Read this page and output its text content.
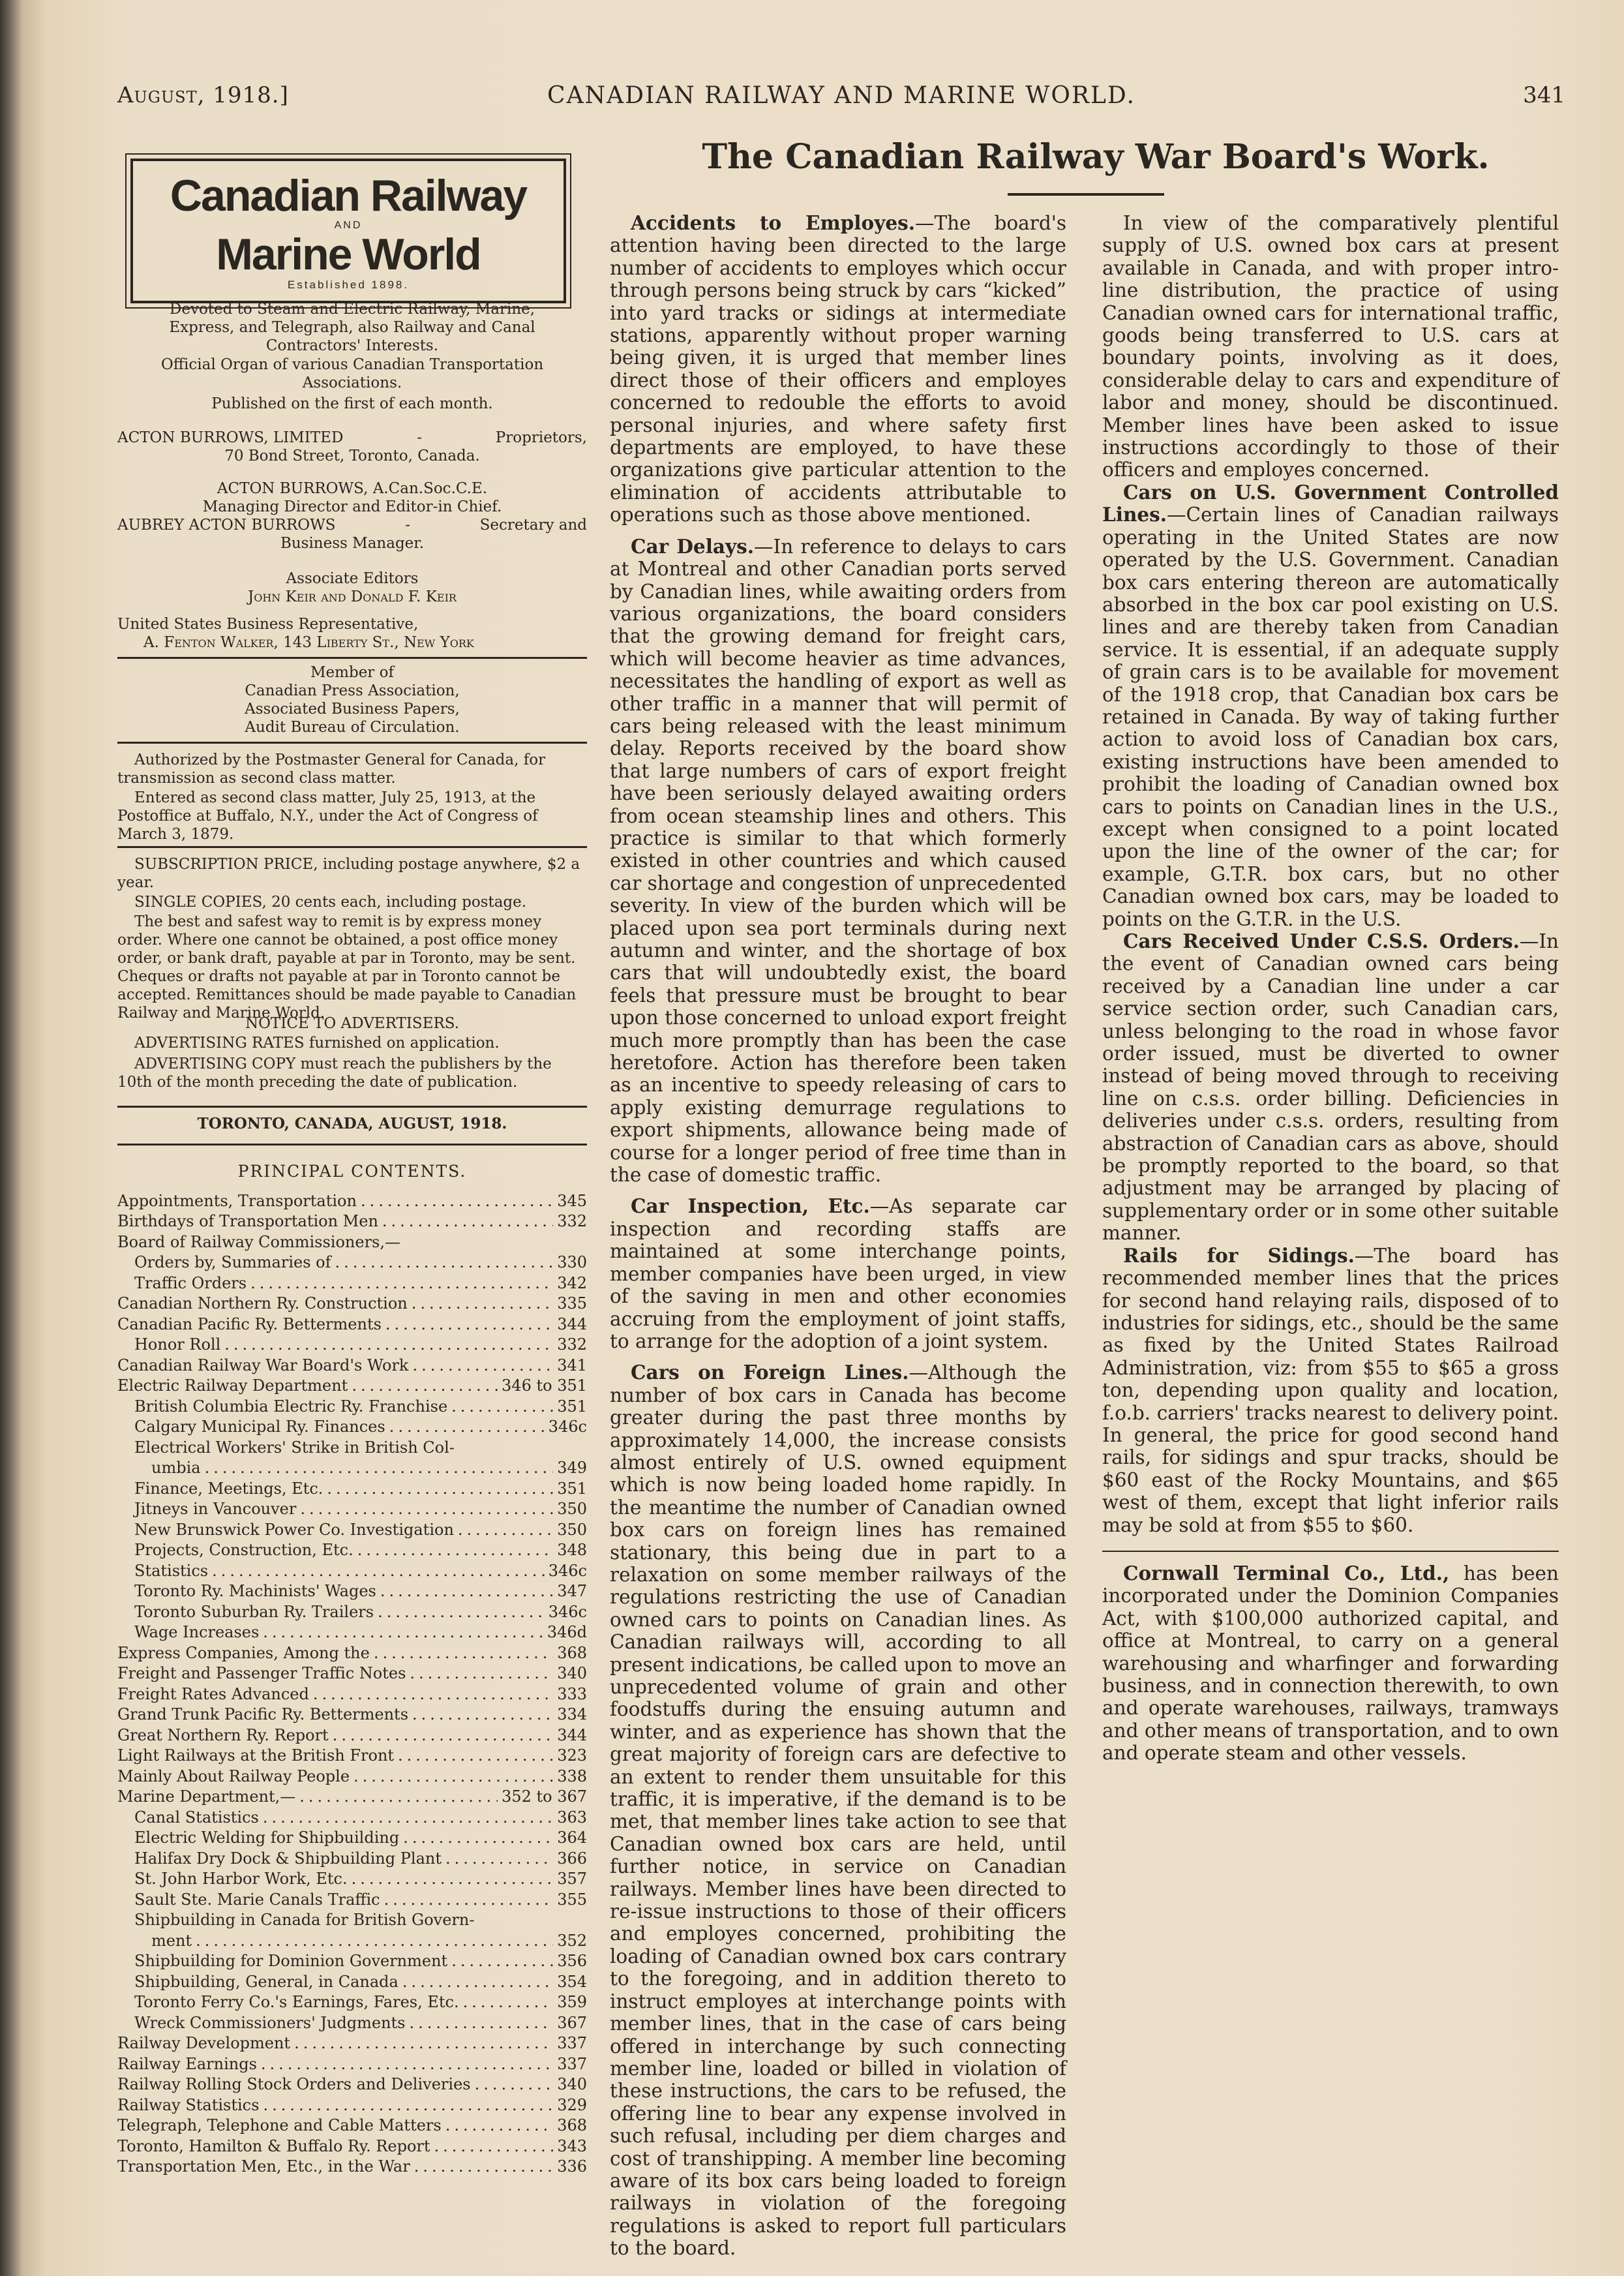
CANADIAN RAILWAY AND MARINE WORLD.
August, 1918.]	341
Canadian Railway
AND
Marine World
Established 1898.
Devoted to Steam and Electric Railway, Marine, Express, and Telegraph, also Railway and Canal Contractors' Interests.
Official Organ of various Canadian Transportation Associations.
Published on the first of each month.
ACTON BURROWS, LIMITED	-	Proprietors,
70 Bond Street, Toronto, Canada.
ACTON BURROWS, A.Can.Soc.C.E.
Managing Director and Editor-in Chief.
AUBREY ACTON BURROWS	-	Secretary and
Business Manager.
Associate Editors
John Keir and Donald F. Keir
United States Business Representative,
A. Fenton Walker, 143 Liberty St., New York
Member of
Canadian Press Association,
Associated Business Papers,
Audit Bureau of Circulation.
Authorized by the Postmaster General for Canada, for transmission as second class matter.
Entered as second class matter, July 25, 1913, at the Postoffice at Buffalo, N.Y., under the Act of Congress of March 3, 1879.
SUBSCRIPTION PRICE, including postage anywhere, $2 a year.
SINGLE COPIES, 20 cents each, including postage.
The best and safest way to remit is by express money order. Where one cannot be obtained, a post office money order, or bank draft, payable at par in Toronto, may be sent. Cheques or drafts not payable at par in Toronto cannot be accepted. Remittances should be made payable to Canadian Railway and Marine World.
NOTICE TO ADVERTISERS.
ADVERTISING RATES furnished on application.
ADVERTISING COPY must reach the publishers by the 10th of the month preceding the date of publication.
TORONTO, CANADA, AUGUST, 1918.
PRINCIPAL CONTENTS.
Appointments, Transportation .....	345
Birthdays of Transportation Men .....	332
Board of Railway Commissioners,—
Orders by, Summaries of .....	330
Traffic Orders .....	342
Canadian Northern Ry. Construction .....	335
Canadian Pacific Ry. Betterments .....	344
Honor Roll .....	332
Canadian Railway War Board's Work .....	341
Electric Railway Department .....	346 to 351
British Columbia Electric Ry. Franchise .....	351
Calgary Municipal Ry. Finances .....	346c
Electrical Workers' Strike in British Col-
umbia .....	349
Finance, Meetings, Etc. .....	351
Jitneys in Vancouver .....	350
New Brunswick Power Co. Investigation .....	350
Projects, Construction, Etc. .....	348
Statistics .....	346c
Toronto Ry. Machinists' Wages .....	347
Toronto Suburban Ry. Trailers .....	346c
Wage Increases .....	346d
Express Companies, Among the .....	368
Freight and Passenger Traffic Notes .....	340
Freight Rates Advanced .....	333
Grand Trunk Pacific Ry. Betterments .....	334
Great Northern Ry. Report .....	344
Light Railways at the British Front .....	323
Mainly About Railway People .....	338
Marine Department,— .....	352 to 367
Canal Statistics .....	363
Electric Welding for Shipbuilding .....	364
Halifax Dry Dock & Shipbuilding Plant .....	366
St. John Harbor Work, Etc. .....	357
Sault Ste. Marie Canals Traffic .....	355
Shipbuilding in Canada for British Govern-
ment .....	352
Shipbuilding for Dominion Government .....	356
Shipbuilding, General, in Canada .....	354
Toronto Ferry Co.'s Earnings, Fares, Etc. .....	359
Wreck Commissioners' Judgments .....	367
Railway Development .....	337
Railway Earnings .....	337
Railway Rolling Stock Orders and Deliveries .....	340
Railway Statistics .....	329
Telegraph, Telephone and Cable Matters .....	368
Toronto, Hamilton & Buffalo Ry. Report .....	343
Transportation Men, Etc., in the War .....	336
The Canadian Railway War Board's Work.

Accidents to Employes.—The board's attention having been directed to the large number of accidents to employes which occur through persons being struck by cars “kicked” into yard tracks or sidings at intermediate stations, apparently without proper warning being given, it is urged that member lines direct those of their officers and employes concerned to redouble the efforts to avoid personal injuries, and where safety first departments are employed, to have these organizations give particular attention to the elimination of accidents attributable to operations such as those above mentioned.

Car Delays.—In reference to delays to cars at Montreal and other Canadian ports served by Canadian lines, while awaiting orders from various organizations, the board considers that the growing demand for freight cars, which will become heavier as time advances, necessitates the handling of export as well as other traffic in a manner that will permit of cars being released with the least minimum delay. Reports received by the board show that large numbers of cars of export freight have been seriously delayed awaiting orders from ocean steamship lines and others. This practice is similar to that which formerly existed in other countries and which caused car shortage and congestion of unprecedented severity. In view of the burden which will be placed upon sea port terminals during next autumn and winter, and the shortage of box cars that will undoubtedly exist, the board feels that pressure must be brought to bear upon those concerned to unload export freight much more promptly than has been the case heretofore. Action has therefore been taken as an incentive to speedy releasing of cars to apply existing demurrage regulations to export shipments, allowance being made of course for a longer period of free time than in the case of domestic traffic.

Car Inspection, Etc.—As separate car inspection and recording staffs are maintained at some interchange points, member companies have been urged, in view of the saving in men and other economies accruing from the employment of joint staffs, to arrange for the adoption of a joint system.

Cars on Foreign Lines.—Although the number of box cars in Canada has become greater during the past three months by approximately 14,000, the increase consists almost entirely of U.S. owned equipment which is now being loaded home rapidly. In the meantime the number of Canadian owned box cars on foreign lines has remained stationary, this being due in part to a relaxation on some member railways of the regulations restricting the use of Canadian owned cars to points on Canadian lines. As Canadian railways will, according to all present indications, be called upon to move an unprecedented volume of grain and other foodstuffs during the ensuing autumn and winter, and as experience has shown that the great majority of foreign cars are defective to an extent to render them unsuitable for this traffic, it is imperative, if the demand is to be met, that member lines take action to see that Canadian owned box cars are held, until further notice, in service on Canadian railways. Member lines have been directed to re-issue instructions to those of their officers and employes concerned, prohibiting the loading of Canadian owned box cars contrary to the foregoing, and in addition thereto to instruct employes at interchange points with member lines, that in the case of cars being offered in interchange by such connecting member line, loaded or billed in violation of these instructions, the cars to be refused, the offering line to bear any expense involved in such refusal, including per diem charges and cost of transhipping. A member line becoming aware of its box cars being loaded to foreign railways in violation of the foregoing regulations is asked to report full particulars to the board.

In view of the comparatively plentiful supply of U.S. owned box cars at present available in Canada, and with proper intro-line distribution, the practice of using Canadian owned cars for international traffic, goods being transferred to U.S. cars at boundary points, involving as it does, considerable delay to cars and expenditure of labor and money, should be discontinued. Member lines have been asked to issue instructions accordingly to those of their officers and employes concerned.

Cars on U.S. Government Controlled Lines.—Certain lines of Canadian railways operating in the United States are now operated by the U.S. Government. Canadian box cars entering thereon are automatically absorbed in the box car pool existing on U.S. lines and are thereby taken from Canadian service. It is essential, if an adequate supply of grain cars is to be available for movement of the 1918 crop, that Canadian box cars be retained in Canada. By way of taking further action to avoid loss of Canadian box cars, existing instructions have been amended to prohibit the loading of Canadian owned box cars to points on Canadian lines in the U.S., except when consigned to a point located upon the line of the owner of the car; for example, G.T.R. box cars, but no other Canadian owned box cars, may be loaded to points on the G.T.R. in the U.S.

Cars Received Under C.S.S. Orders.—In the event of Canadian owned cars being received by a Canadian line under a car service section order, such Canadian cars, unless belonging to the road in whose favor order issued, must be diverted to owner instead of being moved through to receiving line on c.s.s. order billing. Deficiencies in deliveries under c.s.s. orders, resulting from abstraction of Canadian cars as above, should be promptly reported to the board, so that adjustment may be arranged by placing of supplementary order or in some other suitable manner.

Rails for Sidings.—The board has recommended member lines that the prices for second hand relaying rails, disposed of to industries for sidings, etc., should be the same as fixed by the United States Railroad Administration, viz: from $55 to $65 a gross ton, depending upon quality and location, f.o.b. carriers' tracks nearest to delivery point. In general, the price for good second hand rails, for sidings and spur tracks, should be $60 east of the Rocky Mountains, and $65 west of them, except that light inferior rails may be sold at from $55 to $60.

Cornwall Terminal Co., Ltd., has been incorporated under the Dominion Companies Act, with $100,000 authorized capital, and office at Montreal, to carry on a general warehousing and wharfinger and forwarding business, and in connection therewith, to own and operate warehouses, railways, tramways and other means of transportation, and to own and operate steam and other vessels.
